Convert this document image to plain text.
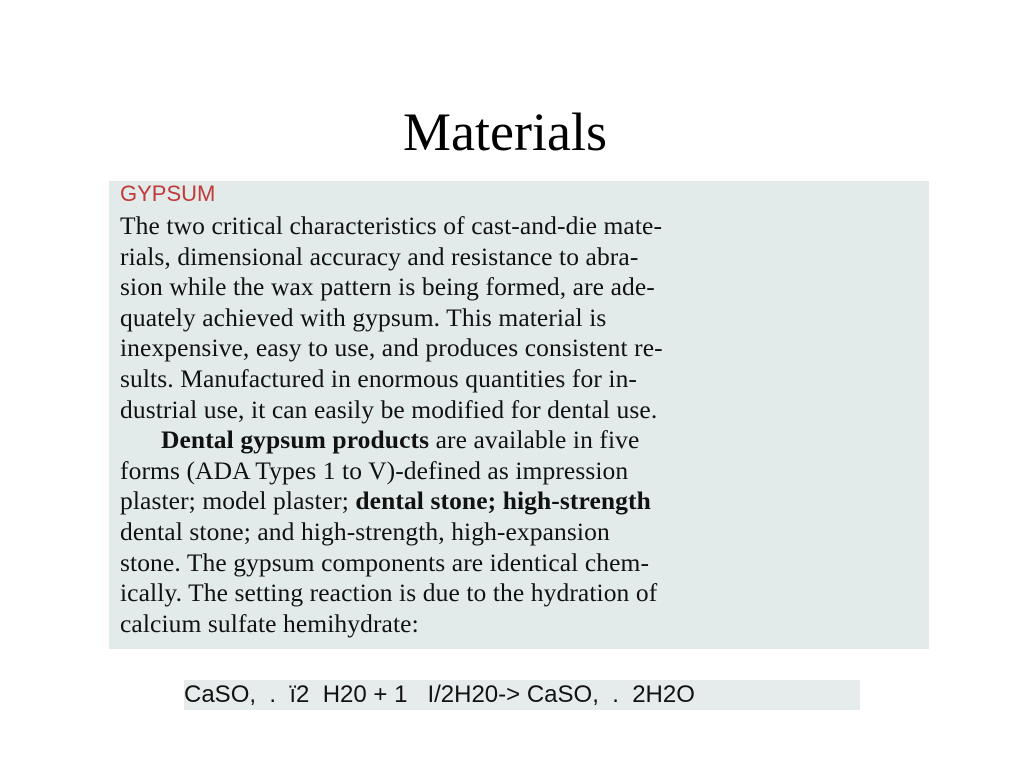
Materials
GYPSUM
The two critical characteristics of cast-and-die mate-
rials, dimensional accuracy and resistance to abra-
sion while the wax pattern is being formed, are ade-
quately achieved with gypsum. This material is
inexpensive, easy to use, and produces consistent re-
sults. Manufactured in enormous quantities for in-
dustrial use, it can easily be modified for dental use.
Dental gypsum products are available in five
forms (ADA Types 1 to V)-defined as impression
plaster; model plaster; dental stone; high-strength
dental stone; and high-strength, high-expansion
stone. The gypsum components are identical chem-
ically. The setting reaction is due to the hydration of
calcium sulfate hemihydrate:
CaSO,  .  ï2  H20 + 1   I/2H20-> CaSO,  .  2H2O
